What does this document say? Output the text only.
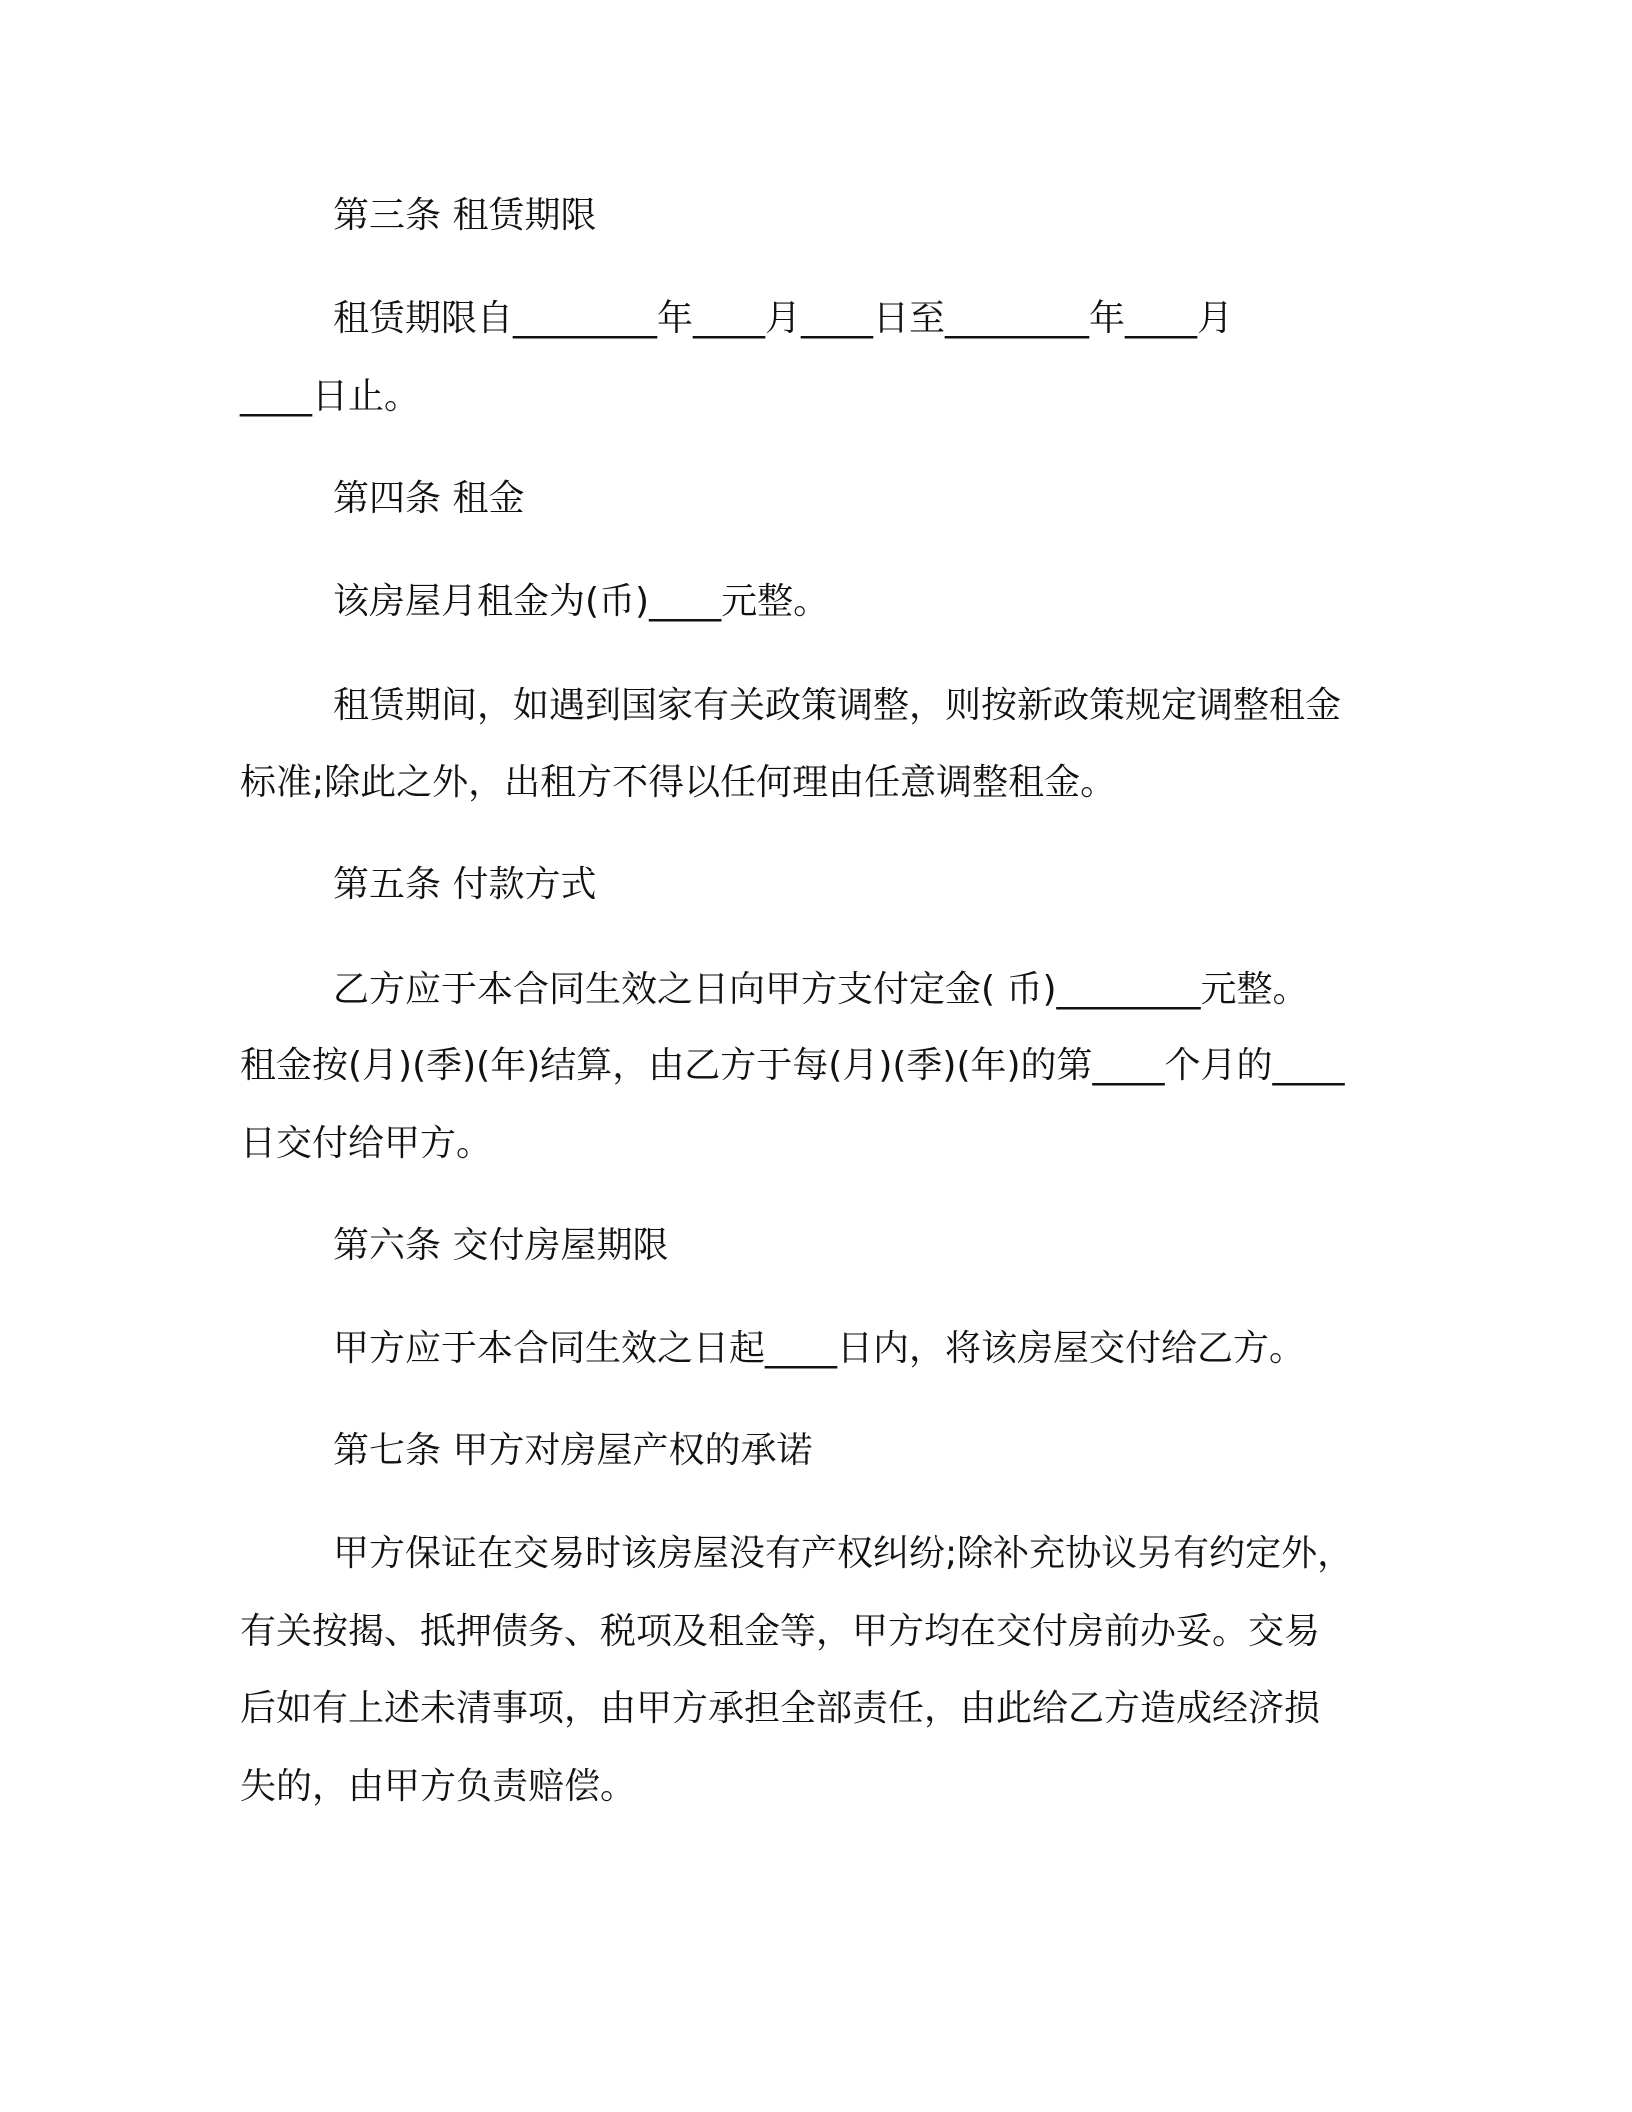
第三条 租赁期限

租赁期限自________年____月____日至________年____月

____日止。

第四条 租金

该房屋月租金为(币)____元整。

租赁期间，如遇到国家有关政策调整，则按新政策规定调整租金

标准;除此之外，出租方不得以任何理由任意调整租金。

第五条 付款方式

乙方应于本合同生效之日向甲方支付定金( 币)________元整。

租金按(月)(季)(年)结算，由乙方于每(月)(季)(年)的第____个月的____

日交付给甲方。

第六条 交付房屋期限

甲方应于本合同生效之日起____日内，将该房屋交付给乙方。

第七条 甲方对房屋产权的承诺

甲方保证在交易时该房屋没有产权纠纷;除补充协议另有约定外，

有关按揭、抵押债务、税项及租金等，甲方均在交付房前办妥。交易

后如有上述未清事项，由甲方承担全部责任，由此给乙方造成经济损

失的，由甲方负责赔偿。
